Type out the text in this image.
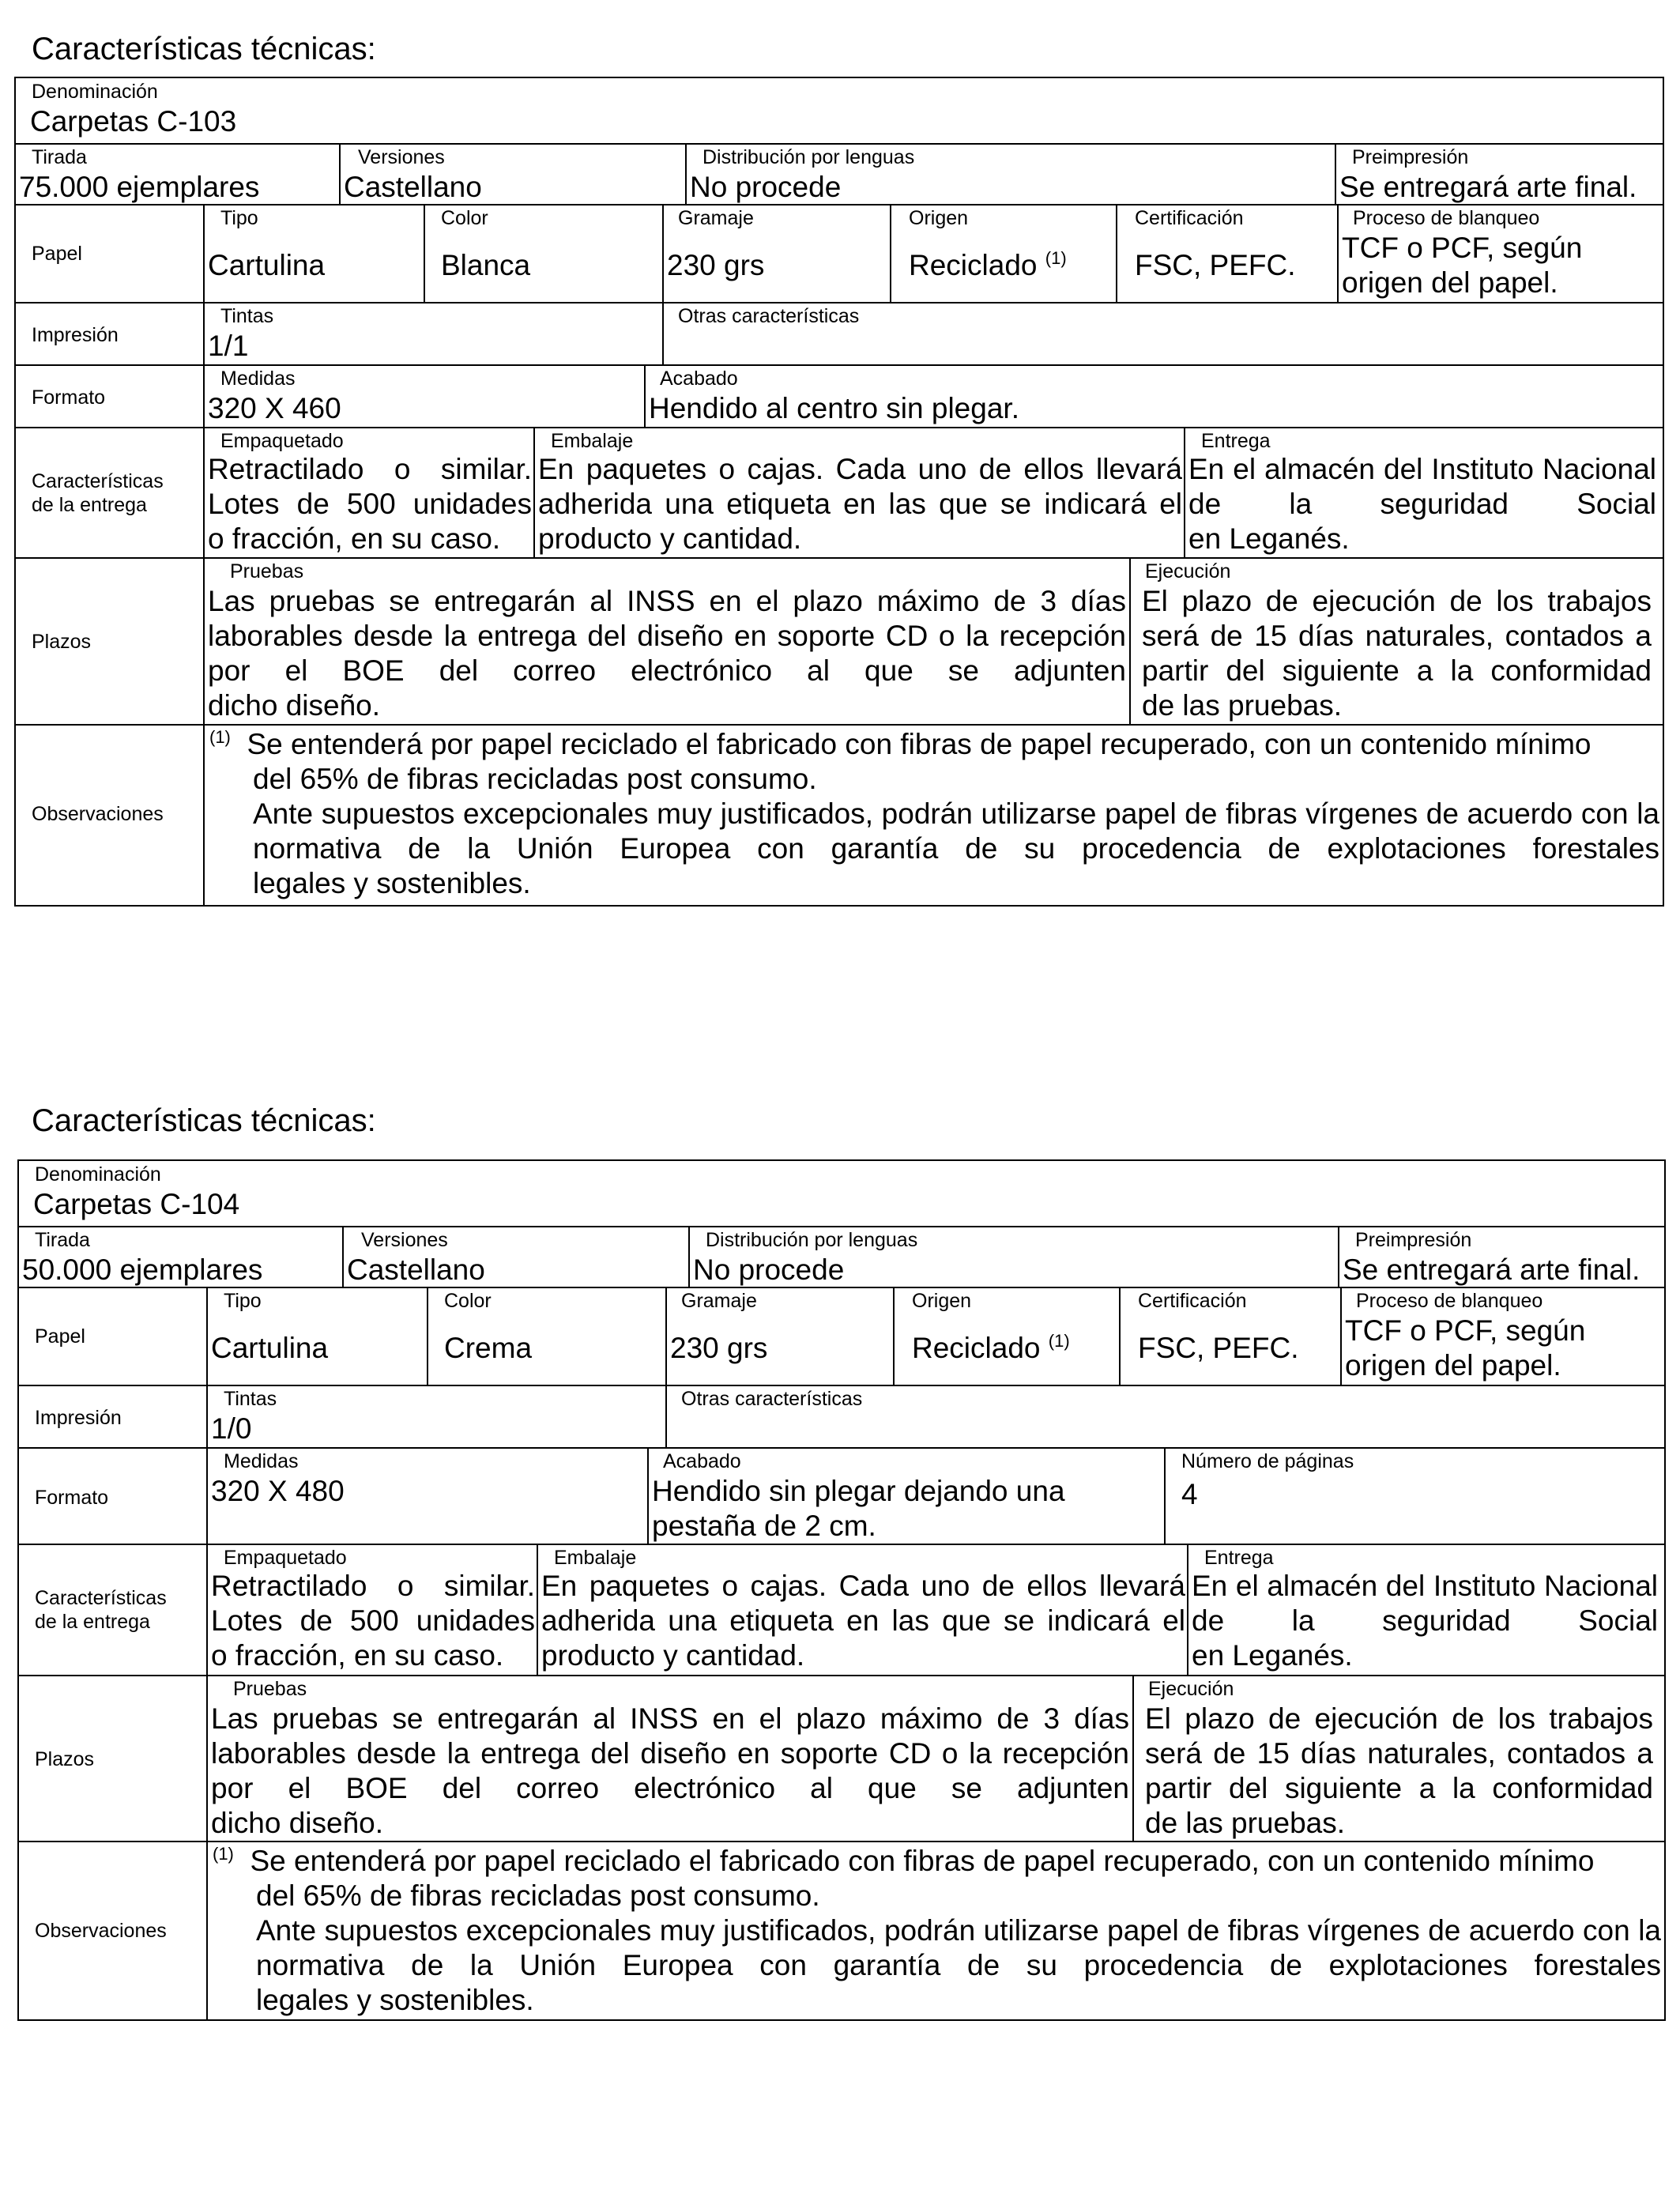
Características técnicas:
Denominación
Carpetas C-103
Tirada
75.000 ejemplares
Versiones
Castellano
Distribución por lenguas
No procede
Preimpresión
Se entregará arte final.
Papel
Tipo
Cartulina
Color
Blanca
Gramaje
230 grs
Origen
Reciclado $^{(1)}$
Certificación
FSC, PEFC.
Proceso de blanqueo
TCF o PCF, según
origen del papel.
Impresión
Tintas
1/1
Otras características
Formato
Medidas
320 X 460
Acabado
Hendido al centro sin plegar.
Características
de la entrega
Empaquetado
Retractilado o similar. Lotes de 500 unidades
o fracción, en su caso.
Embalaje
En paquetes o cajas. Cada uno de ellos llevará adherida una etiqueta en las que se indicará el
producto y cantidad.
Entrega
En el almacén del Instituto Nacional de la seguridad Social
en Leganés.
Plazos
Pruebas
Las pruebas se entregarán al INSS en el plazo máximo de 3 días laborables desde la entrega del diseño en soporte CD o la recepción por el BOE del correo electrónico al que se adjunten
dicho diseño.
Ejecución
El plazo de ejecución de los trabajos será de 15 días naturales, contados a partir del siguiente a la conformidad
de las pruebas.
Observaciones
$^{(1)}$ Se entenderá por papel reciclado el fabricado con fibras de papel recuperado, con un contenido mínimo
del 65% de fibras recicladas post consumo.
Ante supuestos excepcionales muy justificados, podrán utilizarse papel de fibras vírgenes de acuerdo con la normativa de la Unión Europea con garantía de su procedencia de explotaciones forestales
legales y sostenibles.
Características técnicas:
Denominación
Carpetas C-104
Tirada
50.000 ejemplares
Versiones
Castellano
Distribución por lenguas
No procede
Preimpresión
Se entregará arte final.
Papel
Tipo
Cartulina
Color
Crema
Gramaje
230 grs
Origen
Reciclado $^{(1)}$
Certificación
FSC, PEFC.
Proceso de blanqueo
TCF o PCF, según
origen del papel.
Impresión
Tintas
1/0
Otras características
Formato
Medidas
320 X 480
Acabado
Hendido sin plegar dejando una
pestaña de 2 cm.
Número de páginas
4
Características
de la entrega
Empaquetado
Retractilado o similar. Lotes de 500 unidades
o fracción, en su caso.
Embalaje
En paquetes o cajas. Cada uno de ellos llevará adherida una etiqueta en las que se indicará el
producto y cantidad.
Entrega
En el almacén del Instituto Nacional de la seguridad Social
en Leganés.
Plazos
Pruebas
Las pruebas se entregarán al INSS en el plazo máximo de 3 días laborables desde la entrega del diseño en soporte CD o la recepción por el BOE del correo electrónico al que se adjunten
dicho diseño.
Ejecución
El plazo de ejecución de los trabajos será de 15 días naturales, contados a partir del siguiente a la conformidad
de las pruebas.
Observaciones
$^{(1)}$ Se entenderá por papel reciclado el fabricado con fibras de papel recuperado, con un contenido mínimo
del 65% de fibras recicladas post consumo.
Ante supuestos excepcionales muy justificados, podrán utilizarse papel de fibras vírgenes de acuerdo con la normativa de la Unión Europea con garantía de su procedencia de explotaciones forestales
legales y sostenibles.
